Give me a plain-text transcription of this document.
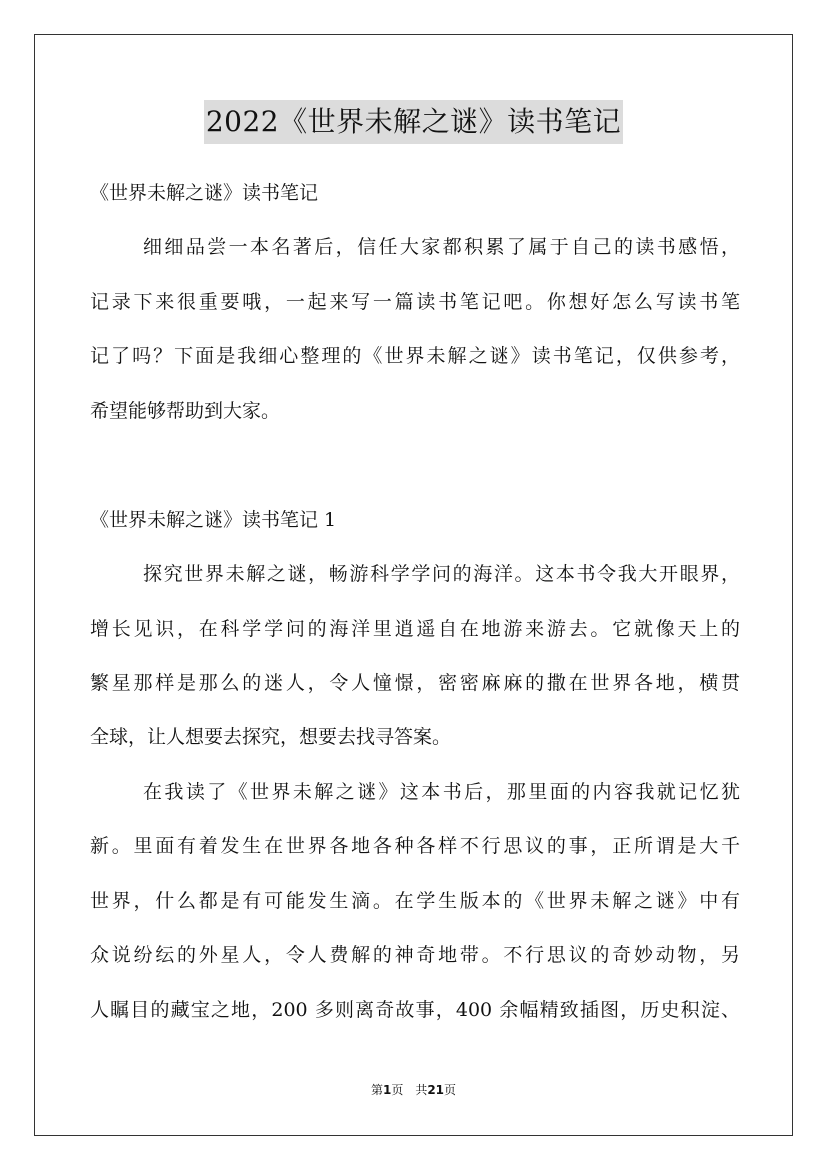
2022《世界未解之谜》读书笔记
《世界未解之谜》读书笔记
细细品尝一本名著后，信任大家都积累了属于自己的读书感悟，
记录下来很重要哦，一起来写一篇读书笔记吧。你想好怎么写读书笔
记了吗？下面是我细心整理的《世界未解之谜》读书笔记，仅供参考，
希望能够帮助到大家。
《世界未解之谜》读书笔记 1
探究世界未解之谜，畅游科学学问的海洋。这本书令我大开眼界，
增长见识，在科学学问的海洋里逍遥自在地游来游去。它就像天上的
繁星那样是那么的迷人，令人憧憬，密密麻麻的撒在世界各地，横贯
全球，让人想要去探究，想要去找寻答案。
在我读了《世界未解之谜》这本书后，那里面的内容我就记忆犹
新。里面有着发生在世界各地各种各样不行思议的事，正所谓是大千
世界，什么都是有可能发生滴。在学生版本的《世界未解之谜》中有
众说纷纭的外星人，令人费解的神奇地带。不行思议的奇妙动物，另
人瞩目的藏宝之地，200 多则离奇故事，400 余幅精致插图，历史积淀、
第1页　共21页
